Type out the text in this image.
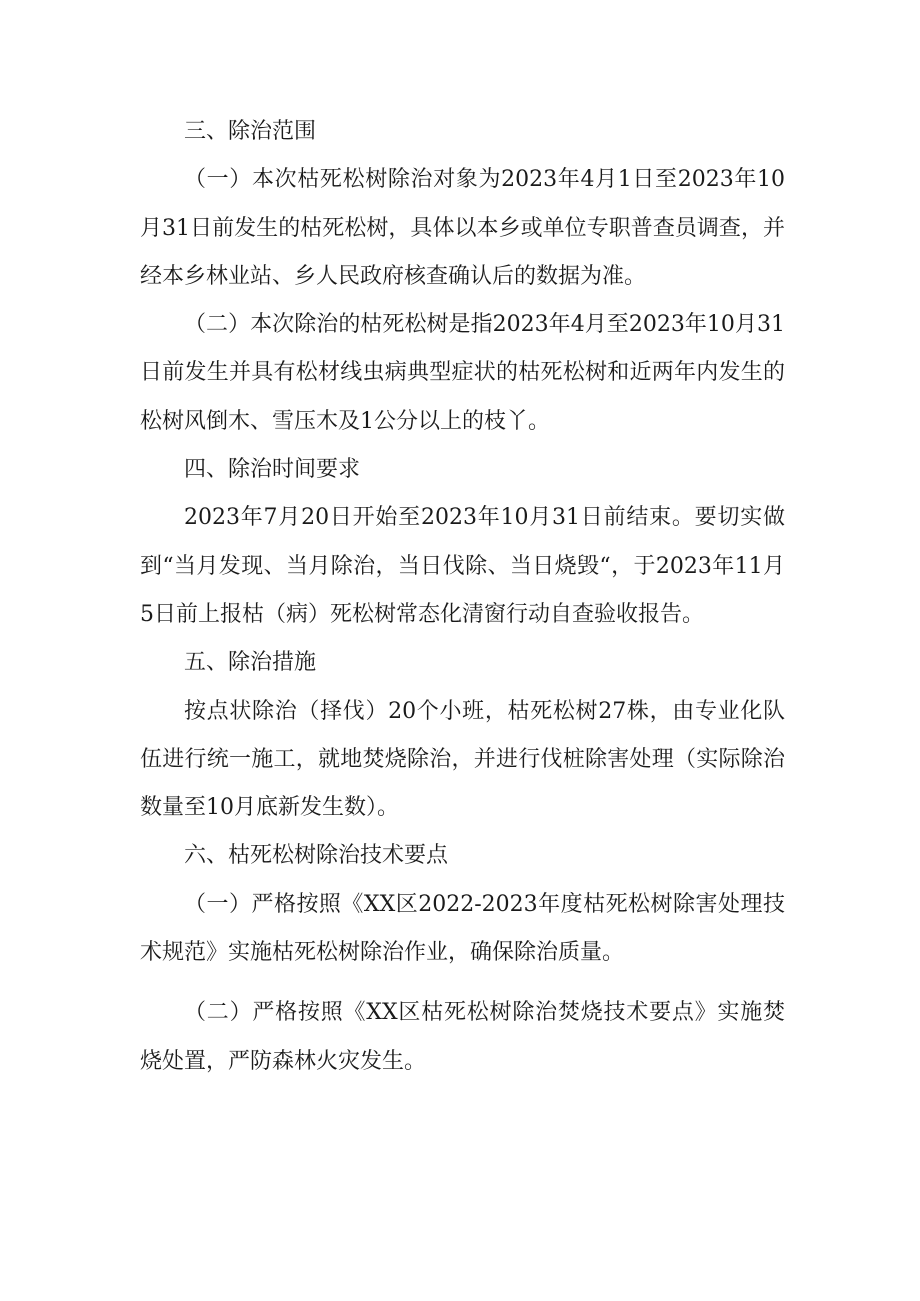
三、除治范围

（一）本次枯死松树除治对象为2023年4月1日至2023年10月31日前发生的枯死松树，具体以本乡或单位专职普查员调查，并经本乡林业站、乡人民政府核查确认后的数据为准。

（二）本次除治的枯死松树是指2023年4月至2023年10月31日前发生并具有松材线虫病典型症状的枯死松树和近两年内发生的松树风倒木、雪压木及1公分以上的枝丫。

四、除治时间要求

2023年7月20日开始至2023年10月31日前结束。要切实做到“当月发现、当月除治，当日伐除、当日烧毁“，于2023年11月5日前上报枯（病）死松树常态化清窗行动自查验收报告。

五、除治措施

按点状除治（择伐）20个小班，枯死松树27株，由专业化队伍进行统一施工，就地焚烧除治，并进行伐桩除害处理（实际除治数量至10月底新发生数）。

六、枯死松树除治技术要点

（一）严格按照《XX区2022-2023年度枯死松树除害处理技术规范》实施枯死松树除治作业，确保除治质量。

（二）严格按照《XX区枯死松树除治焚烧技术要点》实施焚烧处置，严防森林火灾发生。
